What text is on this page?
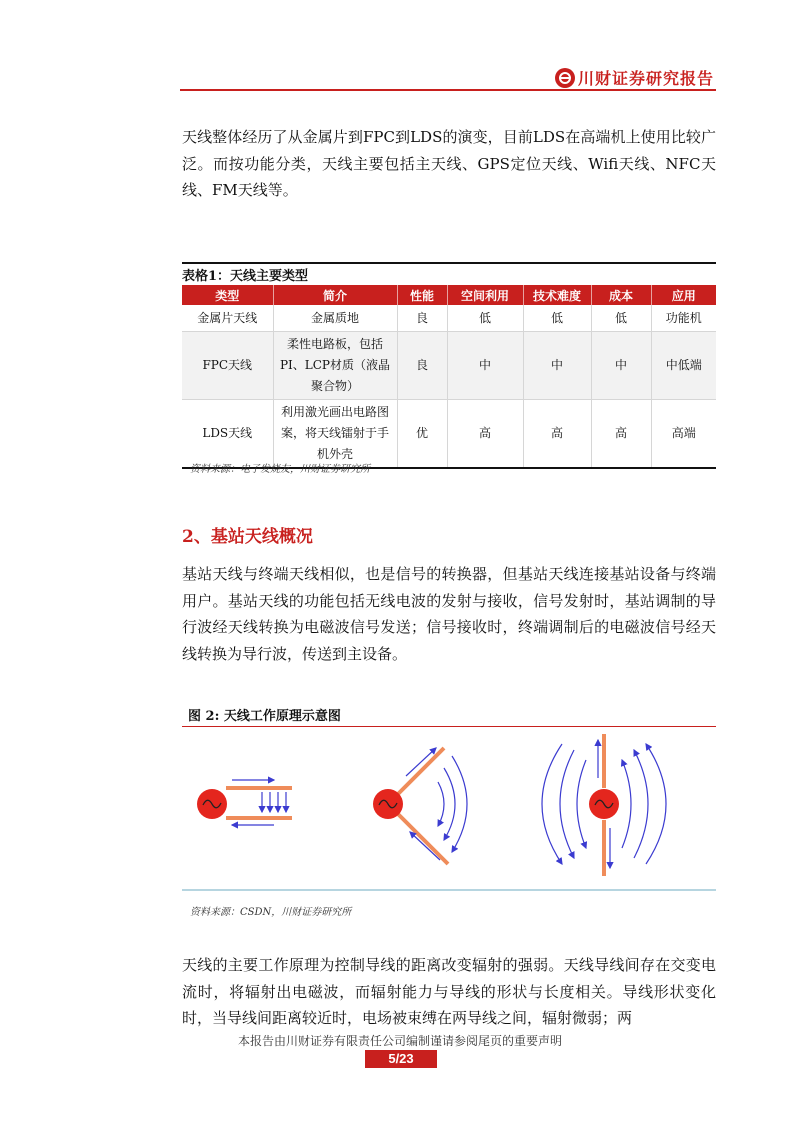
川财证券研究报告

天线整体经历了从金属片到FPC到LDS的演变，目前LDS在高端机上使用比较广泛。而按功能分类，天线主要包括主天线、GPS定位天线、Wifi天线、NFC天线、FM天线等。

表格1：天线主要类型
类型	简介	性能	空间利用	技术难度	成本	应用
金属片天线	金属质地	良	低	低	低	功能机
FPC天线	柔性电路板，包括PI、LCP材质（液晶聚合物）	良	中	中	中	中低端
LDS天线	利用激光画出电路图案，将天线镭射于手机外壳	优	高	高	高	高端
资料来源：电子发烧友，川财证券研究所
2、基站天线概况

基站天线与终端天线相似，也是信号的转换器，但基站天线连接基站设备与终端用户。基站天线的功能包括无线电波的发射与接收，信号发射时，基站调制的导行波经天线转换为电磁波信号发送；信号接收时，终端调制后的电磁波信号经天线转换为导行波，传送到主设备。

图 2: 天线工作原理示意图
资料来源：CSDN，川财证券研究所

天线的主要工作原理为控制导线的距离改变辐射的强弱。天线导线间存在交变电流时，将辐射出电磁波，而辐射能力与导线的形状与长度相关。导线形状变化时，当导线间距离较近时，电场被束缚在两导线之间，辐射微弱；两

本报告由川财证券有限责任公司编制谨请参阅尾页的重要声明
5/23
